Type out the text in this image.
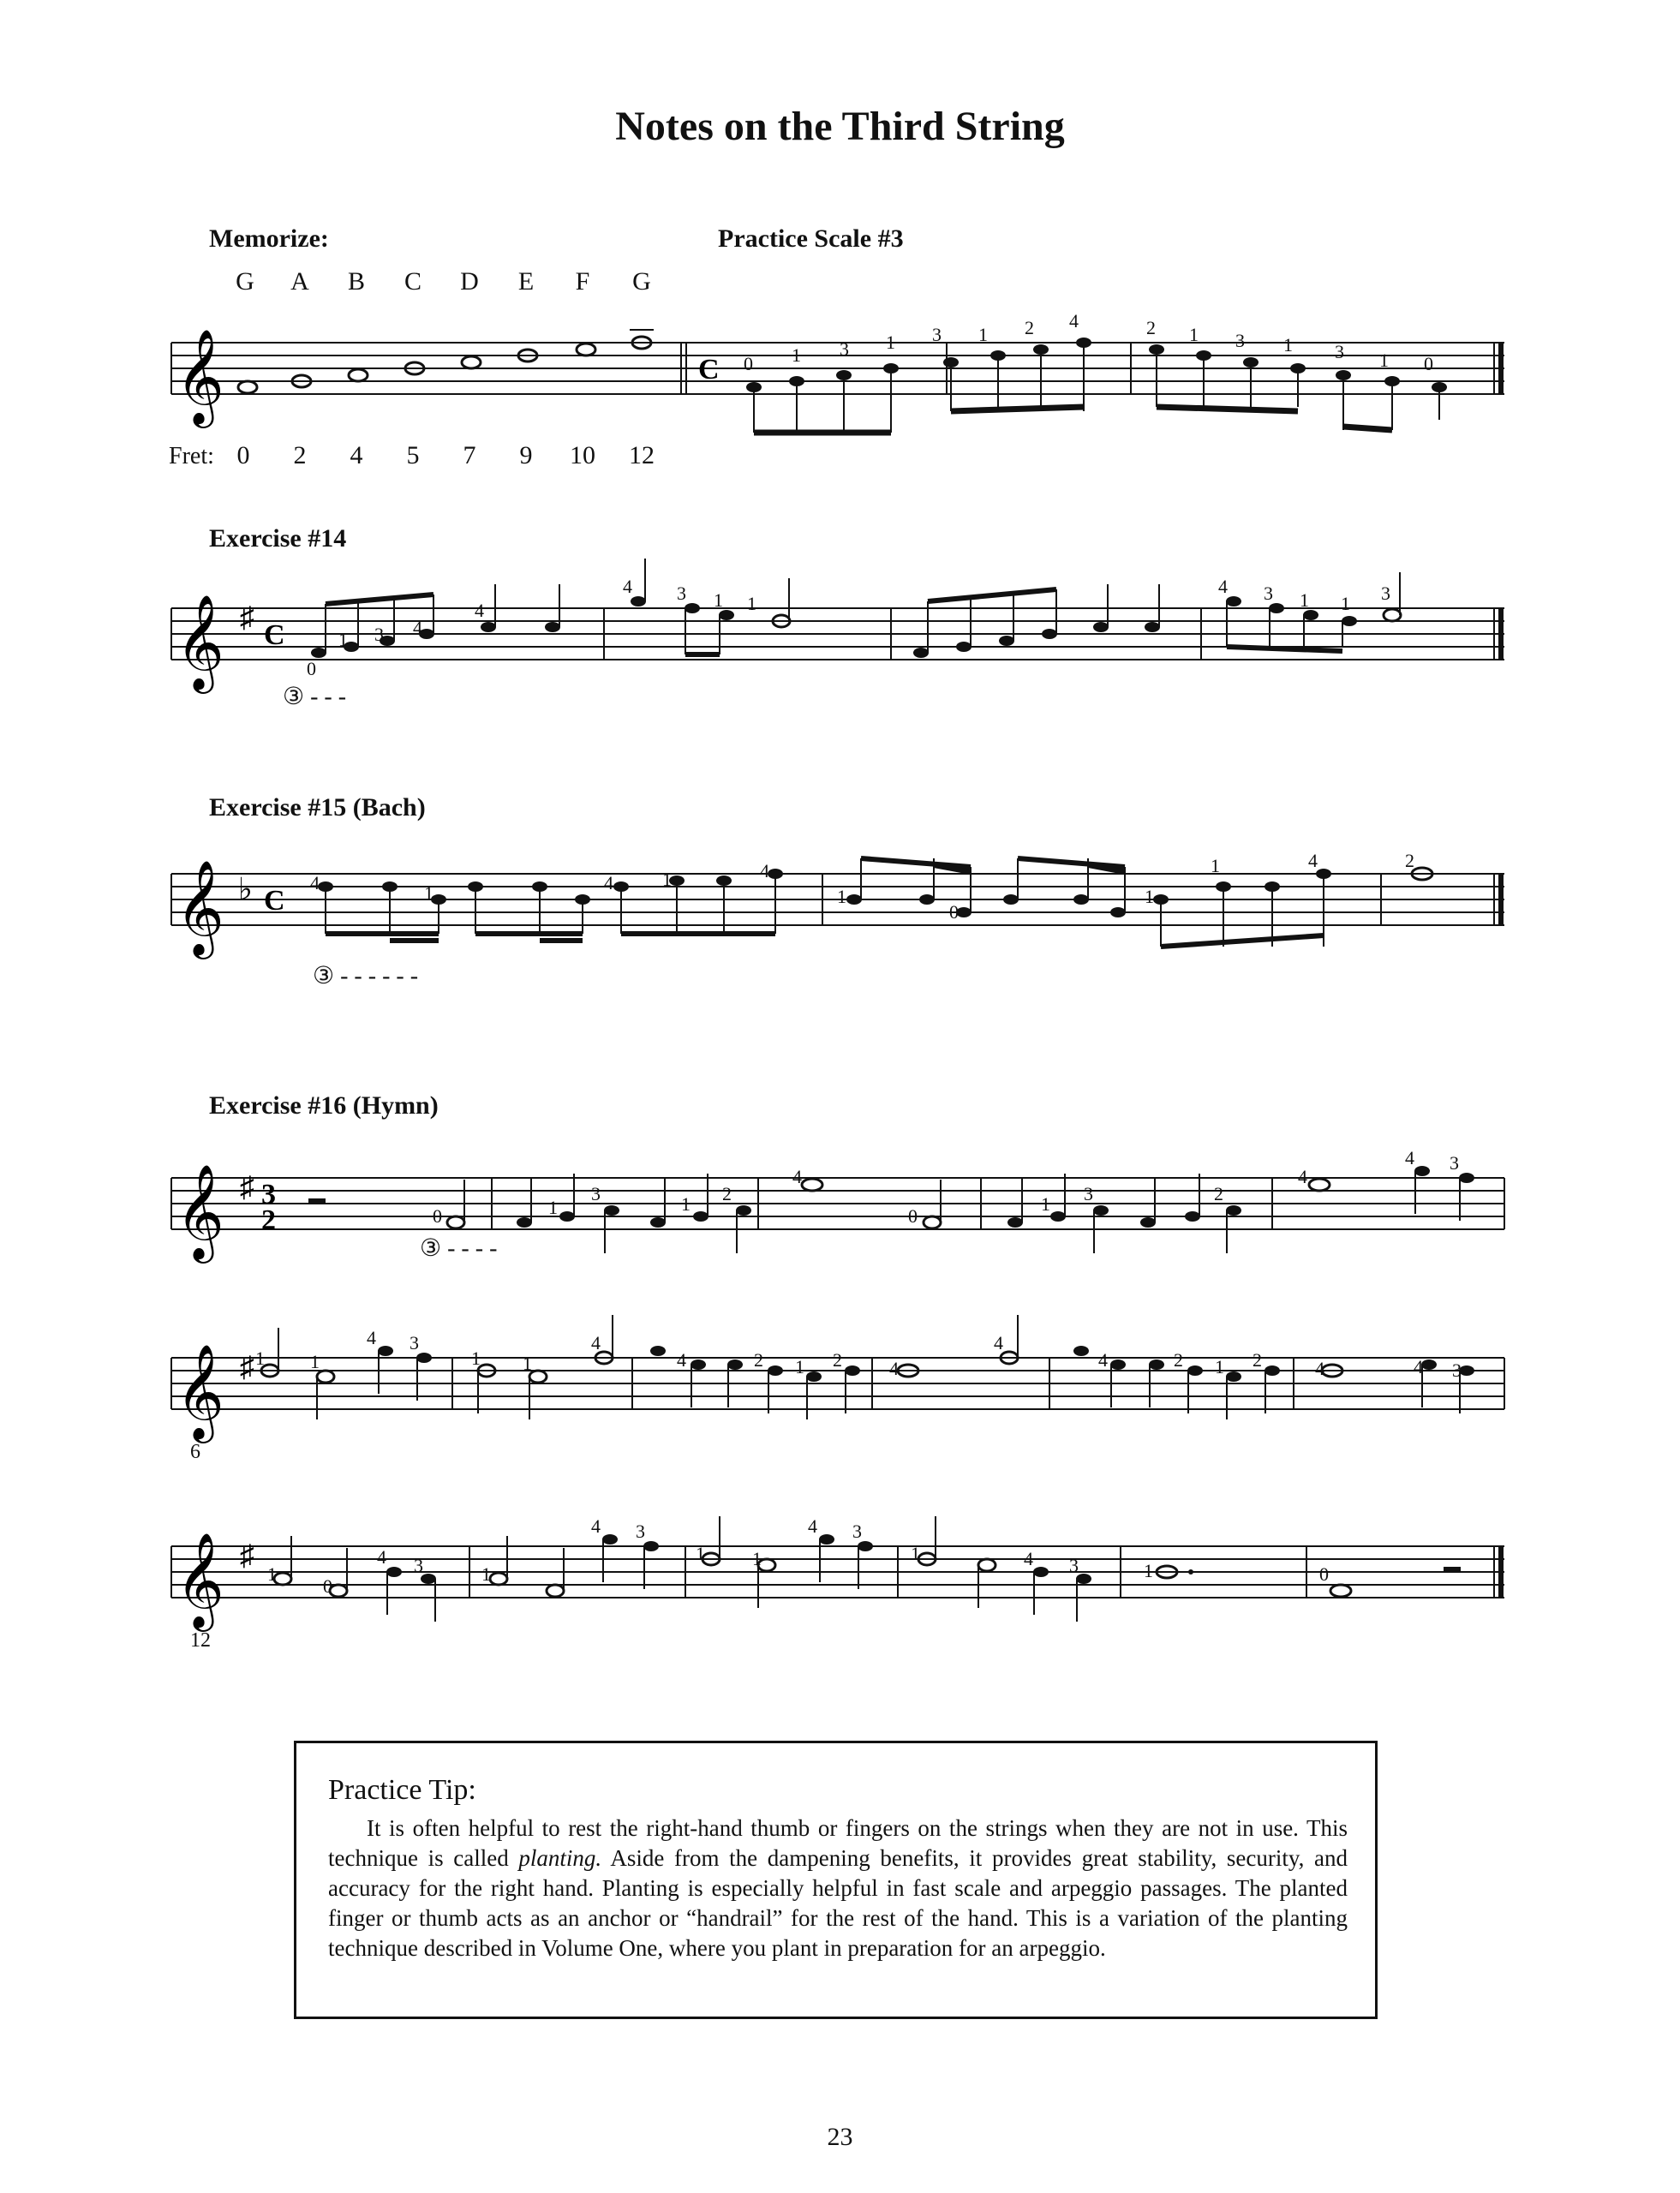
Notes on the Third String
Memorize:
G	A	B	C	D	E	F	G
Practice Scale #3
𝄞	C 0 1 3 1 3 1 2 4	2 1 3 1 3 1 0
Fret: 0	2	4	5	7	9	10 12
Exercise #14
𝄞 ♯
C
0
1 3 4
4
4 3 1 1
4 3 1 1 3
③ - - -
Exercise #15 (Bach)
𝄞 ♭ C
4	1	4	1	4
1
0
1
1	4	2
③ - - - - - -
Exercise #16 (Hymn)
𝄞 ♯ 3
2	0	1
3	1 2
4
0
1 3	2
4
4 3
③ - - - -
𝄞 ♯ 1 1
4 3
1 1
4
4	2 1 2	4
4
4	2 1 2	4	4 3
6
𝄞 ♯
1
0
4 3	1
4 3
1	1
4 3
1	4 3	1	0
12
Practice Tip:
It is often helpful to rest the right-hand thumb or fingers on the strings when they are not in use. This technique is called planting. Aside from the dampening benefits, it provides great stability, security, and accuracy for the right hand. Planting is especially helpful in fast scale and arpeggio passages. The planted finger or thumb acts as an anchor or “handrail” for the rest of the hand. This is a variation of the planting technique described in Volume One, where you plant in preparation for an arpeggio.
23
